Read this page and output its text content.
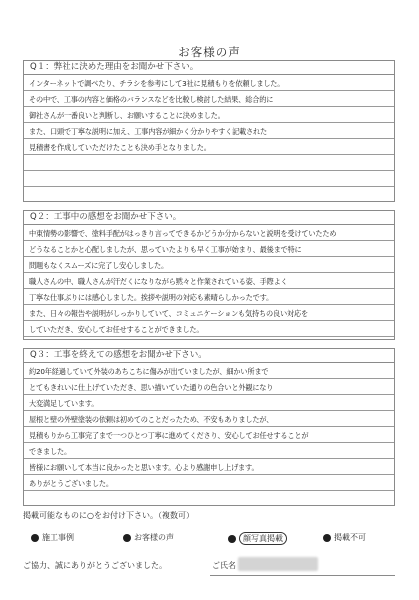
お客様の声
Q１：弊社に決めた理由をお聞かせ下さい。
インターネットで調べたり、チラシを参考にして3社に見積もりを依頼しました。
その中で、工事の内容と価格のバランスなどを比較し検討した結果、総合的に
御社さんが一番良いと判断し、お願いすることに決めました。
また、口頭で丁寧な説明に加え、工事内容が細かく分かりやすく記載された
見積書を作成していただけたことも決め手となりました。
Q２：工事中の感想をお聞かせ下さい。
中東情勢の影響で、塗料手配がはっきり言ってできるかどうか分からないと説明を受けていたため
どうなることかと心配しましたが、思っていたよりも早く工事が始まり、最後まで特に
問題もなくスムーズに完了し安心しました。
職人さんの中、職人さんが汗だくになりながら黙々と作業されている姿、手際よく
丁寧な仕事ぶりには感心しました。挨拶や説明の対応も素晴らしかったです。
また、日々の報告や説明がしっかりしていて、コミュニケーションも気持ちの良い対応を
していただき、安心してお任せすることができました。
Q３：工事を終えての感想をお聞かせ下さい。
約20年経過していて外装のあちこちに傷みが出ていましたが、細かい所まで
とてもきれいに仕上げていただき、思い描いていた通りの色合いと外観になり
大変満足しています。
屋根と壁の外壁塗装の依頼は初めてのことだったため、不安もありましたが、
見積もりから工事完了まで一つひとつ丁寧に進めてくださり、安心してお任せすることが
できました。
皆様にお願いして本当に良かったと思います。心より感謝申し上げます。
ありがとうございました。
掲載可能なものに○をお付け下さい。（複数可）
施工事例	お客様の声	顔写真掲載	掲載不可
ご協力、誠にありがとうございました。	ご氏名
